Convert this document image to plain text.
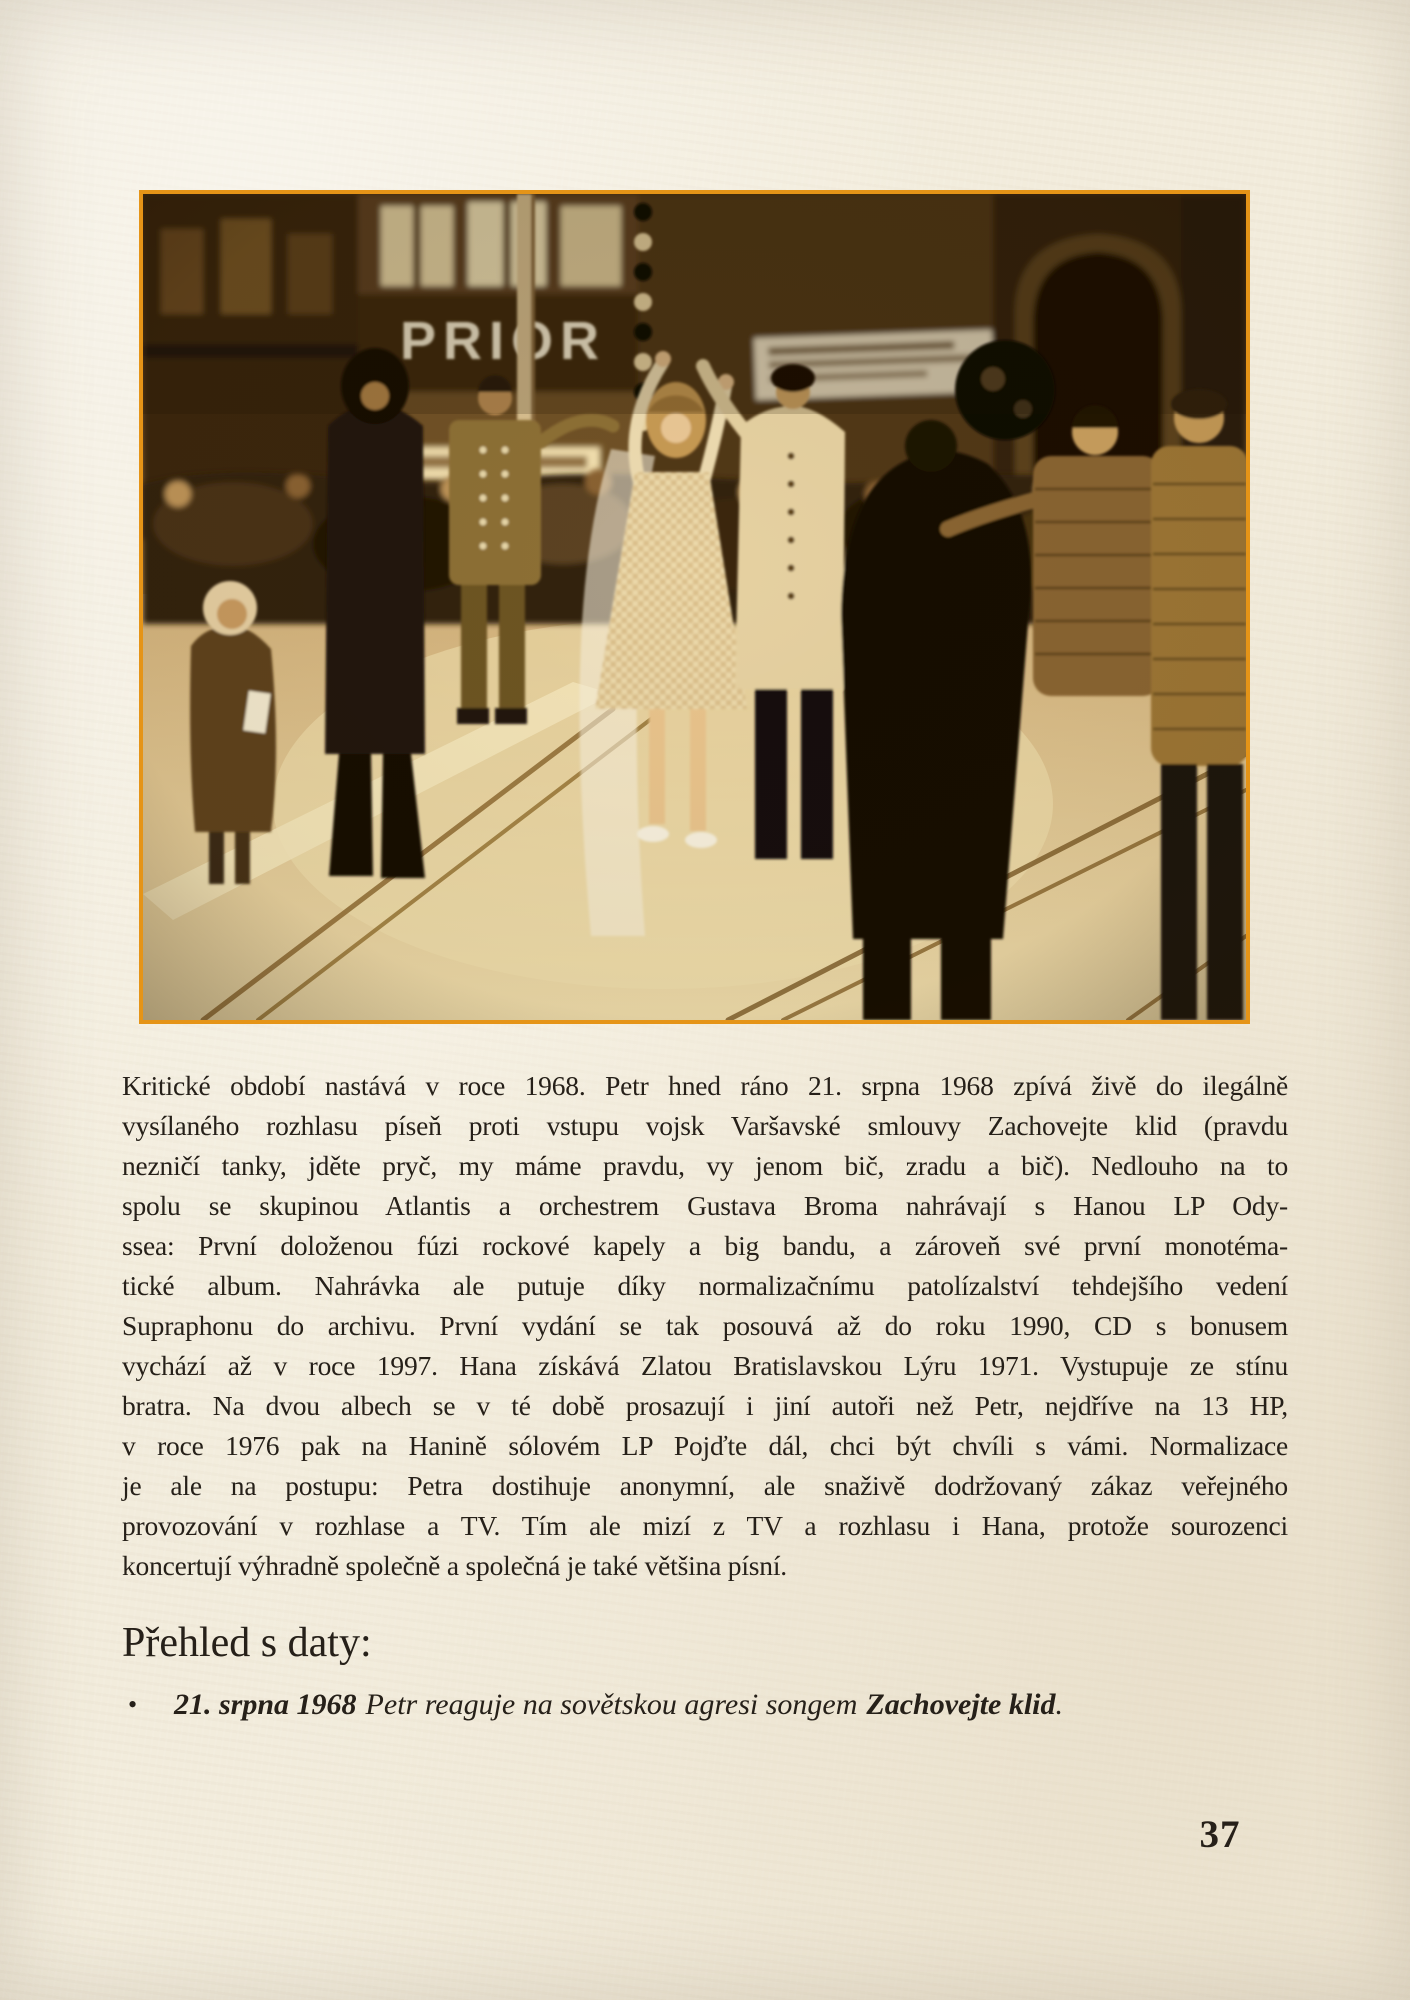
Kritické období nastává v roce 1968. Petr hned ráno 21. srpna 1968 zpívá živě do ilegálně
vysílaného rozhlasu píseň proti vstupu vojsk Varšavské smlouvy Zachovejte klid (pravdu
nezničí tanky, jděte pryč, my máme pravdu, vy jenom bič, zradu a bič). Nedlouho na to
spolu se skupinou Atlantis a orchestrem Gustava Broma nahrávají s Hanou LP Ody-
ssea: První doloženou fúzi rockové kapely a big bandu, a zároveň své první monotéma-
tické album. Nahrávka ale putuje díky normalizačnímu patolízalství tehdejšího vedení
Supraphonu do archivu. První vydání se tak posouvá až do roku 1990, CD s bonusem
vychází až v roce 1997. Hana získává Zlatou Bratislavskou Lýru 1971. Vystupuje ze stínu
bratra. Na dvou albech se v té době prosazují i jiní autoři než Petr, nejdříve na 13 HP,
v roce 1976 pak na Hanině sólovém LP Pojďte dál, chci být chvíli s vámi. Normalizace
je ale na postupu: Petra dostihuje anonymní, ale snaživě dodržovaný zákaz veřejného
provozování v rozhlase a TV. Tím ale mizí z TV a rozhlasu i Hana, protože sourozenci
koncertují výhradně společně a společná je také většina písní.
Přehled s daty:
• 21. srpna 1968 Petr reaguje na sovětskou agresi songem Zachovejte klid.
37
